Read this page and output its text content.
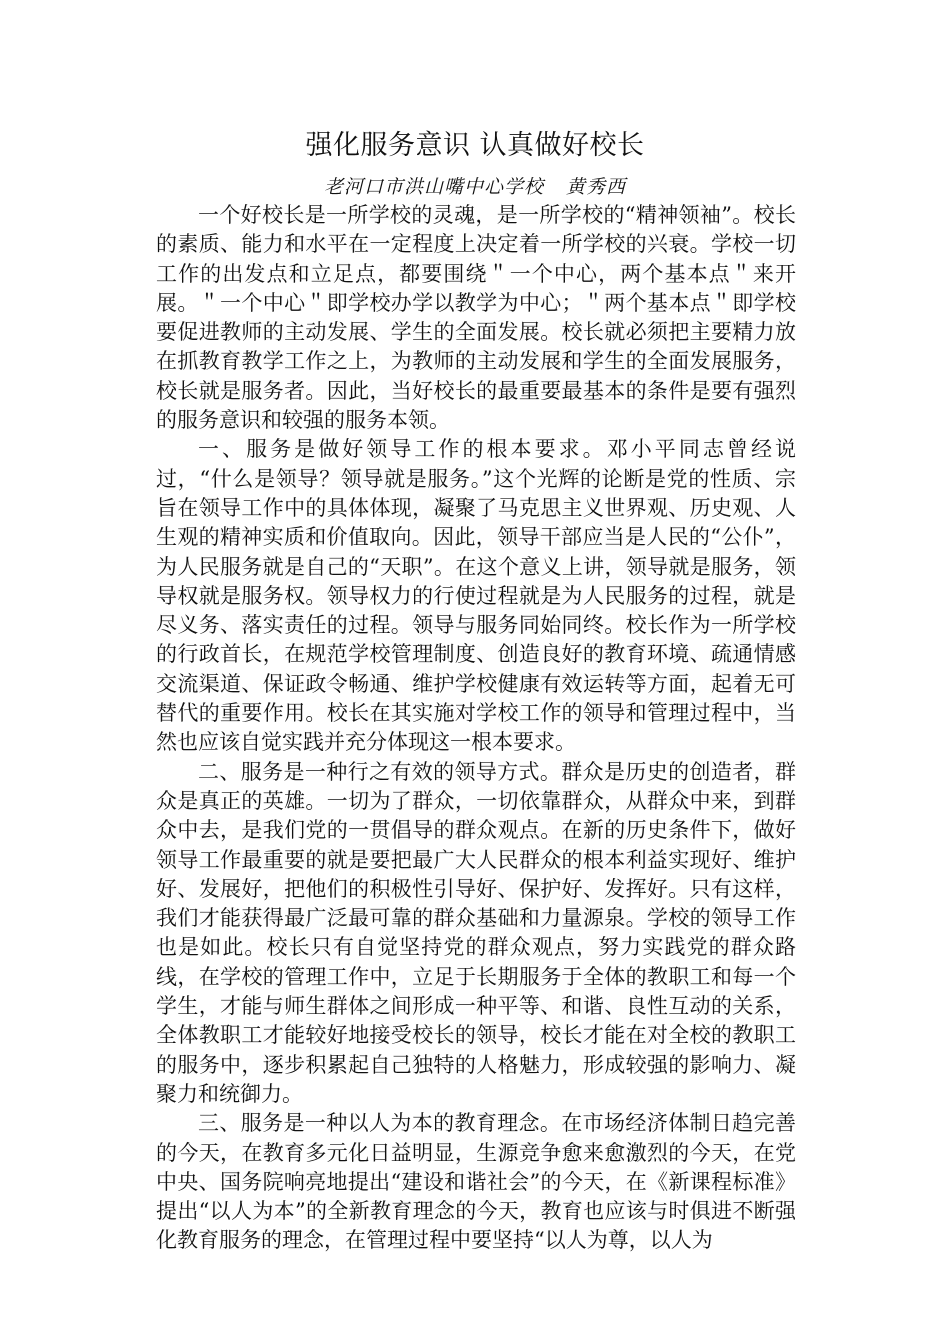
强化服务意识 认真做好校长
老河口市洪山嘴中心学校 黄秀西

一个好校长是一所学校的灵魂，是一所学校的“精神领袖”。校长的素质、能力和水平在一定程度上决定着一所学校的兴衰。学校一切工作的出发点和立足点，都要围绕＂一个中心，两个基本点＂来开展。＂一个中心＂即学校办学以教学为中心；＂两个基本点＂即学校要促进教师的主动发展、学生的全面发展。校长就必须把主要精力放在抓教育教学工作之上，为教师的主动发展和学生的全面发展服务，校长就是服务者。因此，当好校长的最重要最基本的条件是要有强烈的服务意识和较强的服务本领。

一、服务是做好领导工作的根本要求。邓小平同志曾经说过，“什么是领导？领导就是服务。”这个光辉的论断是党的性质、宗旨在领导工作中的具体体现，凝聚了马克思主义世界观、历史观、人生观的精神实质和价值取向。因此，领导干部应当是人民的“公仆”，为人民服务就是自己的“天职”。在这个意义上讲，领导就是服务，领导权就是服务权。领导权力的行使过程就是为人民服务的过程，就是尽义务、落实责任的过程。领导与服务同始同终。校长作为一所学校的行政首长，在规范学校管理制度、创造良好的教育环境、疏通情感交流渠道、保证政令畅通、维护学校健康有效运转等方面，起着无可替代的重要作用。校长在其实施对学校工作的领导和管理过程中，当然也应该自觉实践并充分体现这一根本要求。

二、服务是一种行之有效的领导方式。群众是历史的创造者，群众是真正的英雄。一切为了群众，一切依靠群众，从群众中来，到群众中去，是我们党的一贯倡导的群众观点。在新的历史条件下，做好领导工作最重要的就是要把最广大人民群众的根本利益实现好、维护好、发展好，把他们的积极性引导好、保护好、发挥好。只有这样，我们才能获得最广泛最可靠的群众基础和力量源泉。学校的领导工作也是如此。校长只有自觉坚持党的群众观点，努力实践党的群众路线，在学校的管理工作中，立足于长期服务于全体的教职工和每一个学生，才能与师生群体之间形成一种平等、和谐、良性互动的关系，全体教职工才能较好地接受校长的领导，校长才能在对全校的教职工的服务中，逐步积累起自己独特的人格魅力，形成较强的影响力、凝聚力和统御力。

三、服务是一种以人为本的教育理念。在市场经济体制日趋完善的今天，在教育多元化日益明显，生源竞争愈来愈激烈的今天，在党中央、国务院响亮地提出“建设和谐社会”的今天，在《新课程标准》提出“以人为本”的全新教育理念的今天，教育也应该与时俱进不断强化教育服务的理念，在管理过程中要坚持“以人为尊，以人为
